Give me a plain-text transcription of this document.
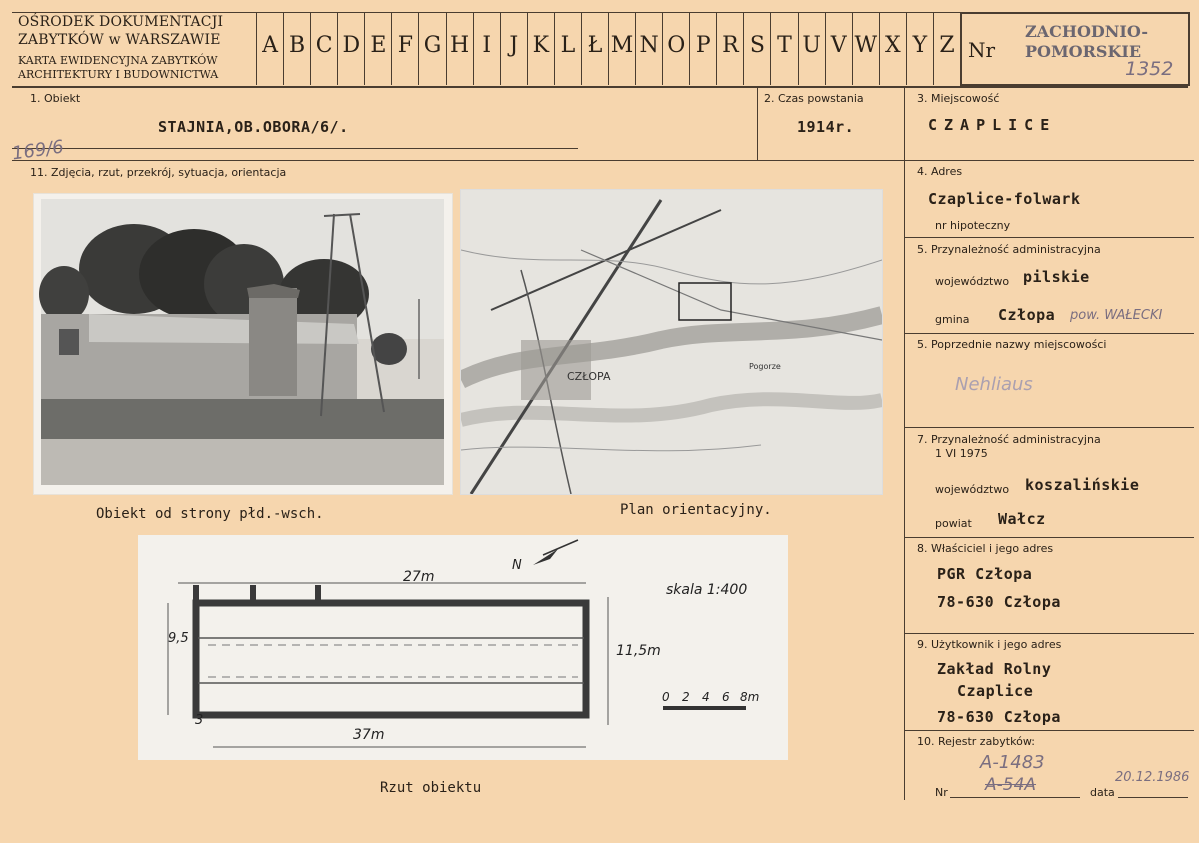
OŚRODEK DOKUMENTACJI
ZABYTKÓW w WARSZAWIE
KARTA EWIDENCYJNA ZABYTKÓW
ARCHITEKTURY I BUDOWNICTWA
A B C D E F G H I J K L Ł M N O P R S T U V W X Y Z Nr
ZACHODNIO-
POMORSKIE
1352
1. Obiekt
STAJNIA,OB.OBORA/6/.
169/6
2. Czas powstania
1914r.
3. Miejscowość
CZAPLICE
11. Zdjęcia, rzut, przekrój, sytuacja, orientacja
Obiekt od strony płd.-wsch.
CZŁOPA
Pogorze
Plan orientacyjny.
27m
37m
9,5
11,5m
3
skala 1:400
N
0 2 4 6 8m
Rzut obiektu
4. Adres
Czaplice-folwark
nr hipoteczny
5. Przynależność administracyjna
województwo pilskie
gmina Człopa pow. WAŁECKI
5. Poprzednie nazwy miejscowości
Nehliaus
7. Przynależność administracyjna
1 VI 1975
województwo koszalińskie
powiat Wałcz
8. Właściciel i jego adres
PGR Człopa
78-630 Człopa
9. Użytkownik i jego adres
Zakład Rolny
Czaplice
78-630 Człopa
10. Rejestr zabytków:
A-1483
Nr A-54A	data
20.12.1986
